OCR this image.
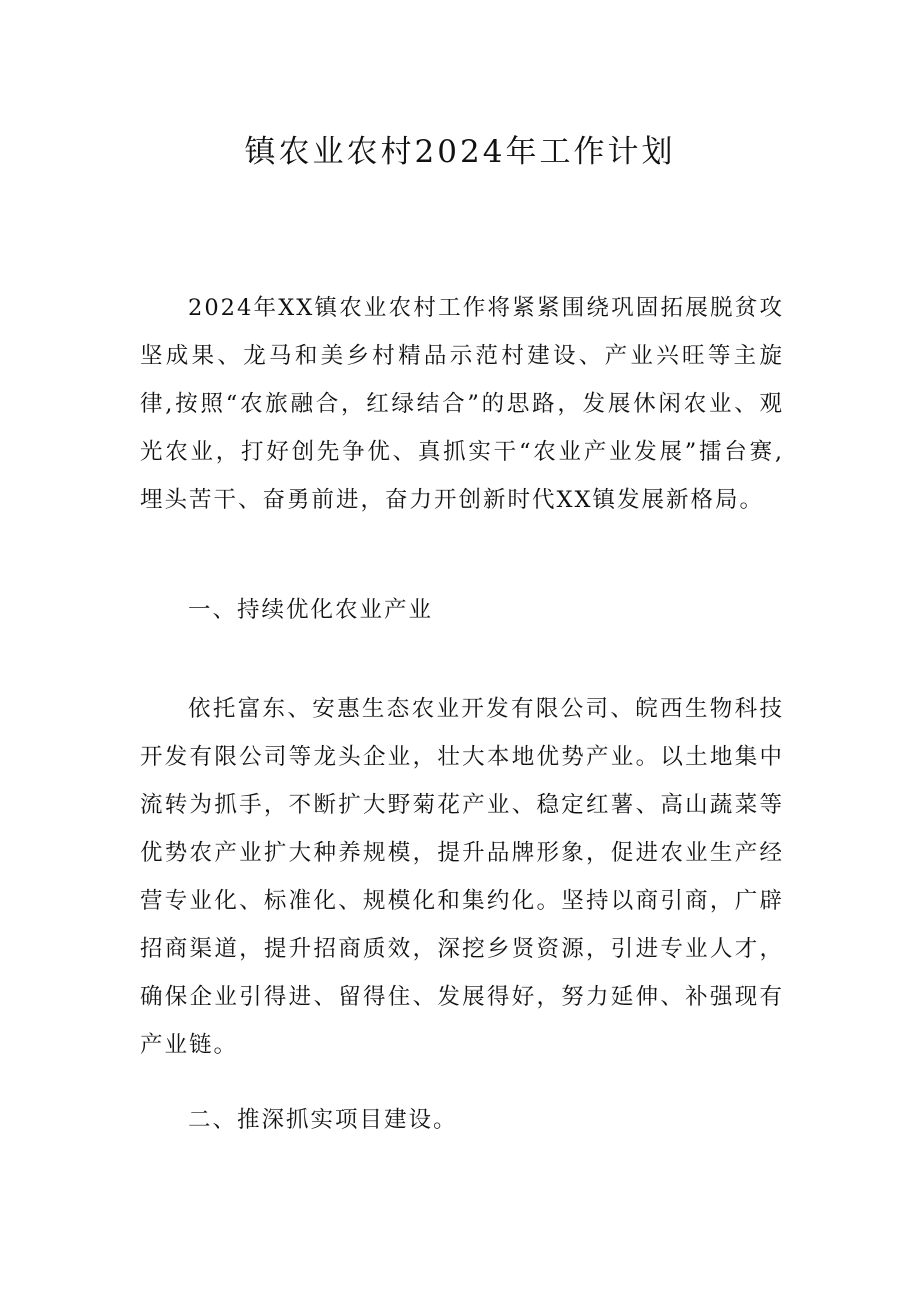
镇农业农村2024年工作计划

2024年XX镇农业农村工作将紧紧围绕巩固拓展脱贫攻坚成果、龙马和美乡村精品示范村建设、产业兴旺等主旋律,按照“农旅融合，红绿结合”的思路，发展休闲农业、观光农业，打好创先争优、真抓实干“农业产业发展”擂台赛,埋头苦干、奋勇前进，奋力开创新时代XX镇发展新格局。

一、持续优化农业产业

依托富东、安惠生态农业开发有限公司、皖西生物科技开发有限公司等龙头企业，壮大本地优势产业。以土地集中流转为抓手，不断扩大野菊花产业、稳定红薯、高山蔬菜等优势农产业扩大种养规模，提升品牌形象，促进农业生产经营专业化、标准化、规模化和集约化。坚持以商引商，广辟招商渠道，提升招商质效，深挖乡贤资源，引进专业人才，确保企业引得进、留得住、发展得好，努力延伸、补强现有产业链。

二、推深抓实项目建设。
